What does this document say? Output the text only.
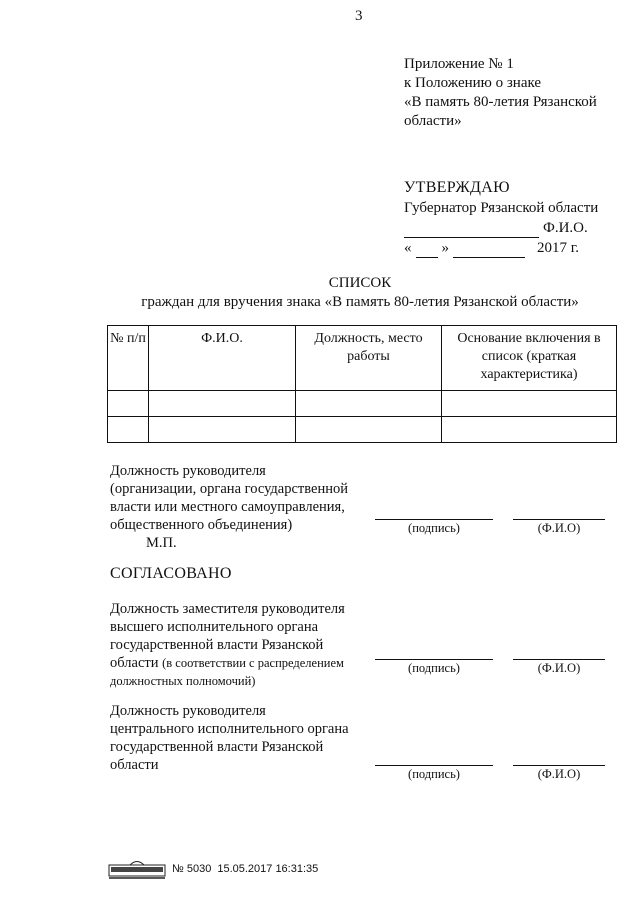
3
Приложение № 1
к Положению о знаке
«В память 80-летия Рязанской
области»
УТВЕРЖДАЮ
Губернатор Рязанской области
Ф.И.О.
« »	2017 г.
СПИСОК
граждан для вручения знака «В память 80-летия Рязанской области»
№ п/п	Ф.И.О.	Должность, место работы	Основание включения в список (краткая характеристика)

Должность руководителя
(организации, органа государственной
власти или местного самоуправления,
общественного объединения)
М.П.
(подпись)	(Ф.И.О)
СОГЛАСОВАНО
Должность заместителя руководителя
высшего исполнительного органа
государственной власти Рязанской
области (в соответствии с распределением
должностных полномочий)
(подпись)	(Ф.И.О)
Должность руководителя
центрального исполнительного органа
государственной власти Рязанской
области
(подпись)	(Ф.И.О)
№ 5030 15.05.2017 16:31:35
